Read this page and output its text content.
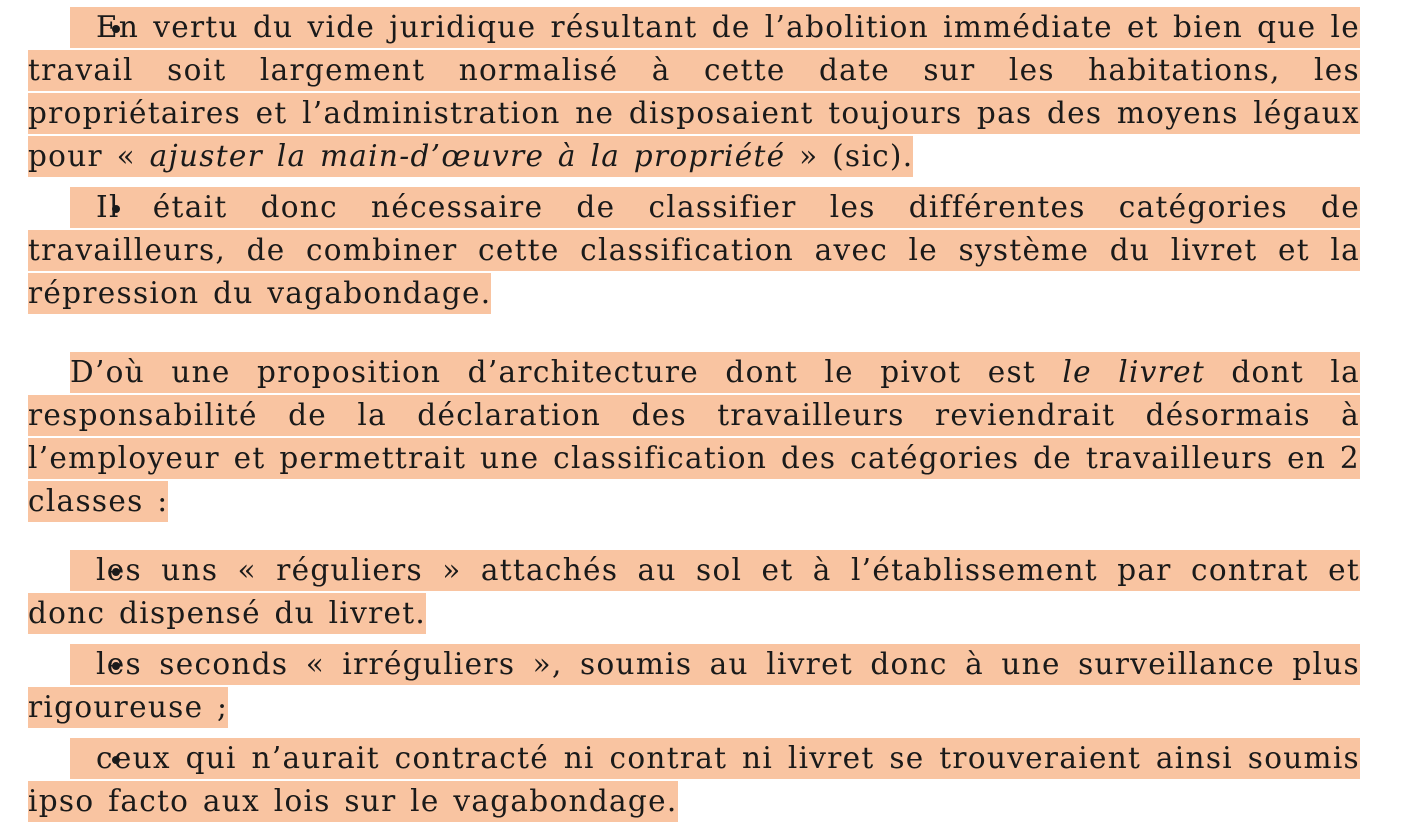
En vertu du vide juridique résultant de l’abolition immédiate et bien que le travail soit largement normalisé à cette date sur les habitations, les propriétaires et l’administration ne disposaient toujours pas des moyens légaux pour « ajuster la main-d’œuvre à la propriété » (sic).

Il était donc nécessaire de classifier les différentes catégories de travailleurs, de combiner cette classification avec le système du livret et la répression du vagabondage.

D’où une proposition d’architecture dont le pivot est le livret dont la responsabilité de la déclaration des travailleurs reviendrait désormais à l’employeur et permettrait une classification des catégories de travailleurs en 2 classes :

les uns « réguliers » attachés au sol et à l’établissement par contrat et donc dispensé du livret.

les seconds « irréguliers », soumis au livret donc à une surveillance plus rigoureuse ;

ceux qui n’aurait contracté ni contrat ni livret se trouveraient ainsi soumis ipso facto aux lois sur le vagabondage.
